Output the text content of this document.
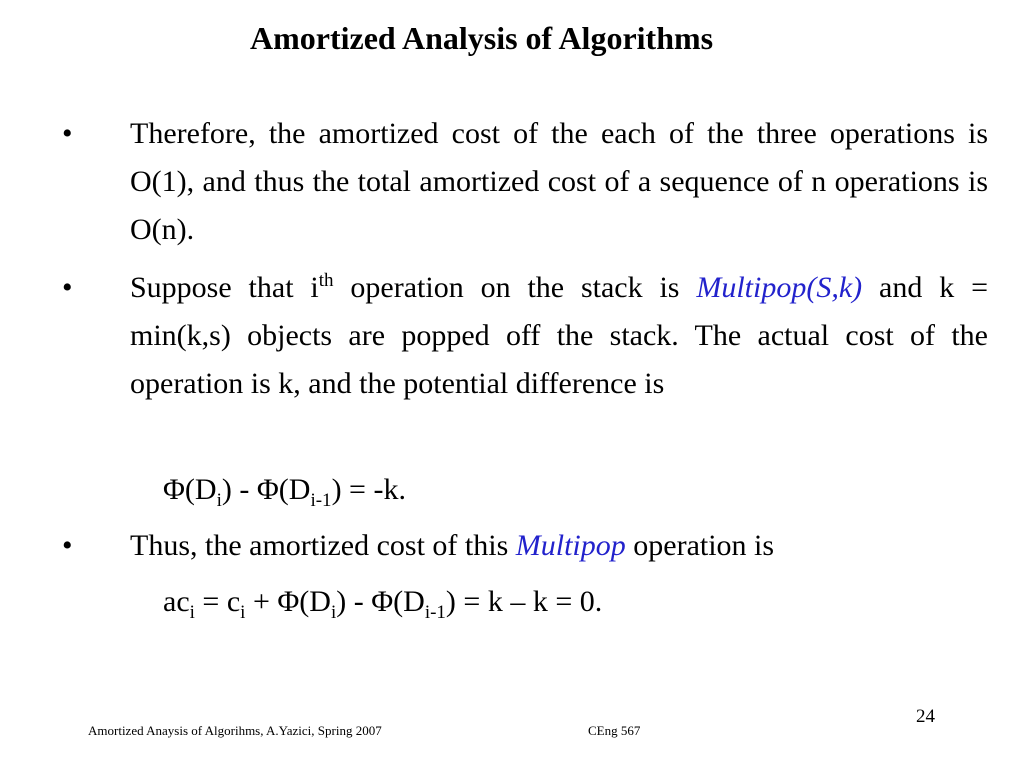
Amortized Analysis of Algorithms
• Therefore, the amortized cost of the each of the three operations is O(1), and thus the total amortized cost of a sequence of n operations is O(n).
• Suppose that $i^{th}$ operation on the stack is Multipop(S,k) and k = min(k,s) objects are popped off the stack. The actual cost of the operation is k, and the potential difference is
$\Phi(D_i) - \Phi(D_{i-1}) = -k$.
• Thus, the amortized cost of this Multipop operation is
$ac_i = c_i + \Phi(D_i) - \Phi(D_{i-1}) = k - k = 0$.
Amortized Anaysis of Algorihms, A.Yazici, Spring 2007	CEng 567
24
